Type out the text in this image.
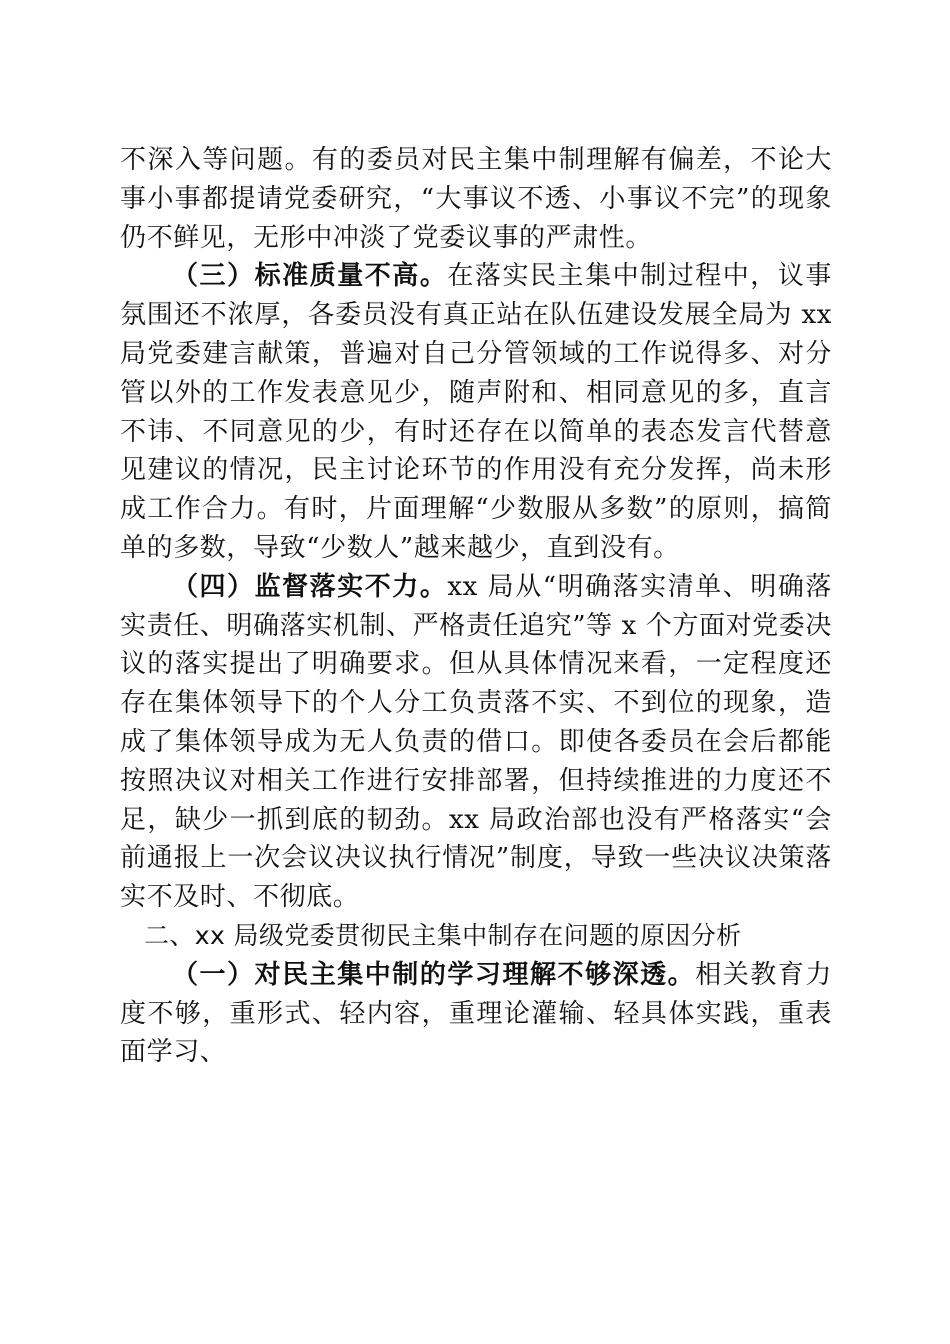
不深入等问题。有的委员对民主集中制理解有偏差，不论大事小事都提请党委研究，“大事议不透、小事议不完”的现象仍不鲜见，无形中冲淡了党委议事的严肃性。

（三）标准质量不高。在落实民主集中制过程中，议事氛围还不浓厚，各委员没有真正站在队伍建设发展全局为 xx 局党委建言献策，普遍对自己分管领域的工作说得多、对分管以外的工作发表意见少，随声附和、相同意见的多，直言不讳、不同意见的少，有时还存在以简单的表态发言代替意见建议的情况，民主讨论环节的作用没有充分发挥，尚未形成工作合力。有时，片面理解“少数服从多数”的原则，搞简单的多数，导致“少数人”越来越少，直到没有。

（四）监督落实不力。xx 局从“明确落实清单、明确落实责任、明确落实机制、严格责任追究”等 x 个方面对党委决议的落实提出了明确要求。但从具体情况来看，一定程度还存在集体领导下的个人分工负责落不实、不到位的现象，造成了集体领导成为无人负责的借口。即使各委员在会后都能按照决议对相关工作进行安排部署，但持续推进的力度还不足，缺少一抓到底的韧劲。xx 局政治部也没有严格落实“会前通报上一次会议决议执行情况”制度，导致一些决议决策落实不及时、不彻底。

二、xx 局级党委贯彻民主集中制存在问题的原因分析

（一）对民主集中制的学习理解不够深透。相关教育力度不够，重形式、轻内容，重理论灌输、轻具体实践，重表面学习、
